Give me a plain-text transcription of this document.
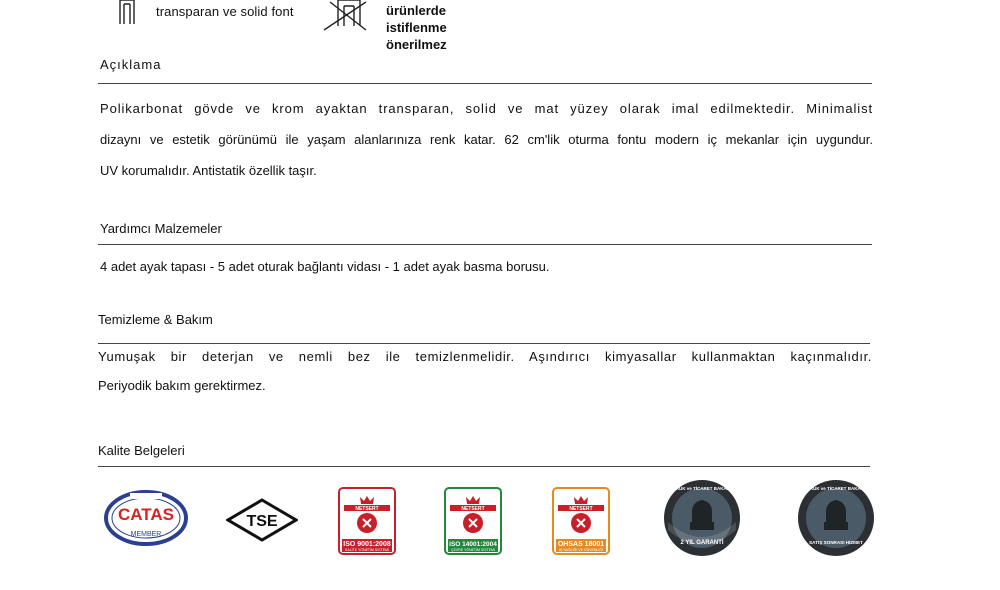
transparan ve solid font	ürünlerde
istiflenme
önerilmez
Açıklama
Polikarbonat gövde ve krom ayaktan transparan, solid ve mat yüzey olarak imal edilmektedir. Minimalist
dizaynı ve estetik görünümü ile yaşam alanlarınıza renk katar. 62 cm'lik oturma fontu modern iç mekanlar için uygundur.
UV korumalıdır. Antistatik özellik taşır.
Yardımcı Malzemeler
4 adet ayak tapası - 5 adet oturak bağlantı vidası - 1 adet ayak basma borusu.
Temizleme & Bakım
Yumuşak bir deterjan ve nemli bez ile temizlenmelidir. Aşındırıcı kimyasallar kullanmaktan kaçınmalıdır.
Periyodik bakım gerektirmez.
Kalite Belgeleri
CATAS
MEMBER
TSE
NETSERT
ISO 9001:2008
KALİTE YÖNETİM SİSTEMİ
NETSERT
ISO 14001:2004
ÇEVRE YÖNETİM SİSTEMİ
NETSERT
OHSAS 18001
İŞ SAĞLIĞI VE GÜVENLİĞİ
GÜMRÜK ve TİCARET BAKANLIĞI
2 YIL GARANTİ
GÜMRÜK ve TİCARET BAKANLIĞI
SATIŞ SONRASI HİZMET
